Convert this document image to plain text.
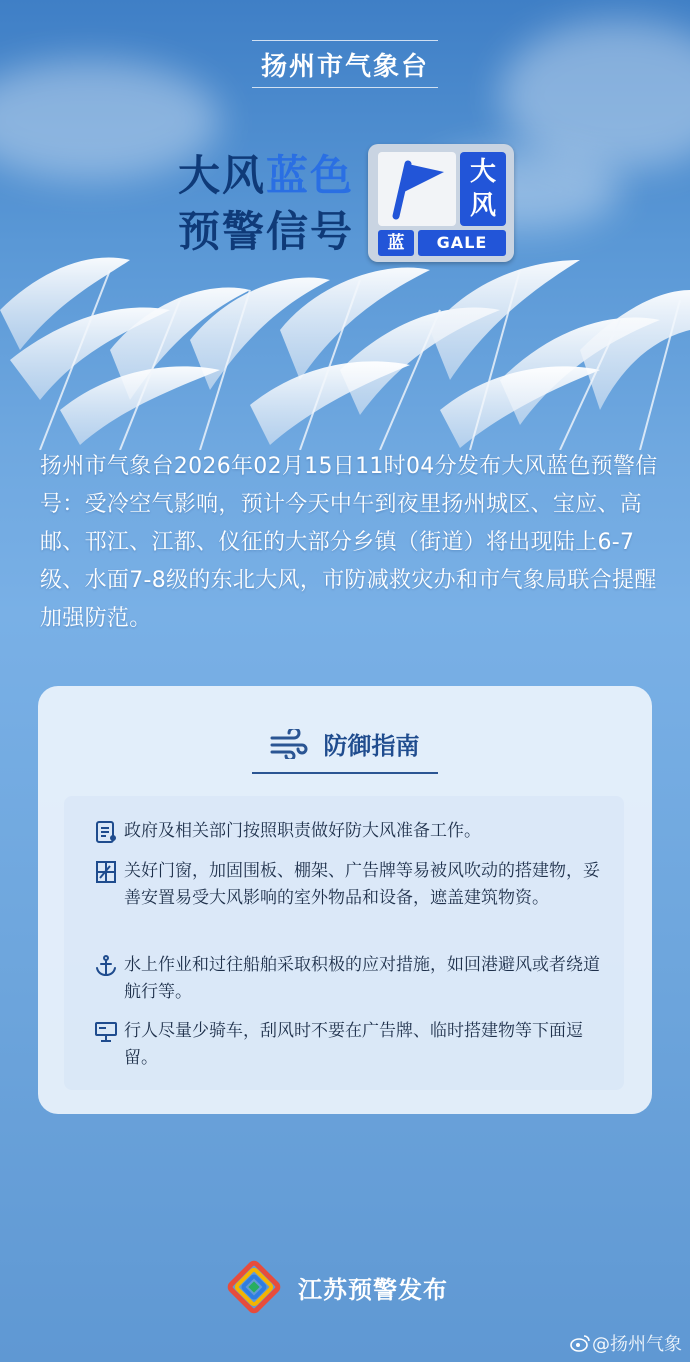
扬州市气象台
大风蓝色
预警信号
大
风
蓝	GALE
扬州市气象台2026年02月15日11时04分发布大风蓝色预警信号：受冷空气影响，预计今天中午到夜里扬州城区、宝应、高邮、邗江、江都、仪征的大部分乡镇（街道）将出现陆上6-7级、水面7-8级的东北大风，市防减救灾办和市气象局联合提醒加强防范。
防御指南
政府及相关部门按照职责做好防大风准备工作。
关好门窗，加固围板、棚架、广告牌等易被风吹动的搭建物，妥善安置易受大风影响的室外物品和设备，遮盖建筑物资。
水上作业和过往船舶采取积极的应对措施，如回港避风或者绕道航行等。
行人尽量少骑车，刮风时不要在广告牌、临时搭建物等下面逗留。
江苏预警发布
@扬州气象
